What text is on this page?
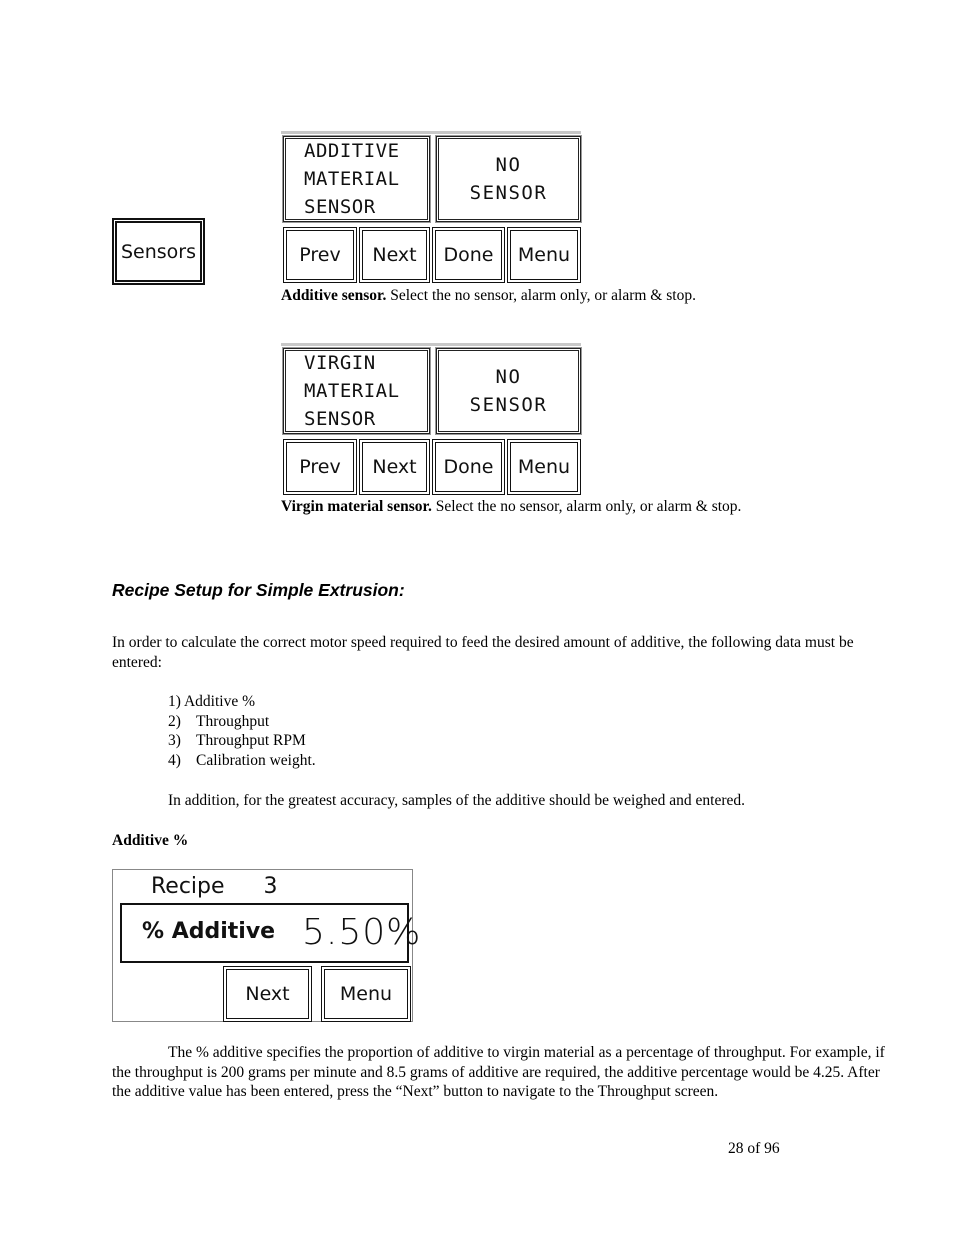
Sensors
ADDITIVE
MATERIAL
SENSOR
NO
SENSOR
Prev Next Done Menu
Additive sensor. Select the no sensor, alarm only, or alarm & stop.
VIRGIN
MATERIAL
SENSOR
NO
SENSOR
Prev Next Done Menu
Virgin material sensor. Select the no sensor, alarm only, or alarm & stop.
Recipe Setup for Simple Extrusion:
In order to calculate the correct motor speed required to feed the desired amount of additive, the following data must be entered:
1) Additive %
2) Throughput
3) Throughput RPM
4) Calibration weight.
In addition, for the greatest accuracy, samples of the additive should be weighed and entered.
Additive %
Recipe 3
% Additive 5.50%
Next	Menu
The % additive specifies the proportion of additive to virgin material as a percentage of throughput. For example, if the throughput is 200 grams per minute and 8.5 grams of additive are required, the additive percentage would be 4.25. After the additive value has been entered, press the “Next” button to navigate to the Throughput screen.
28 of 96
